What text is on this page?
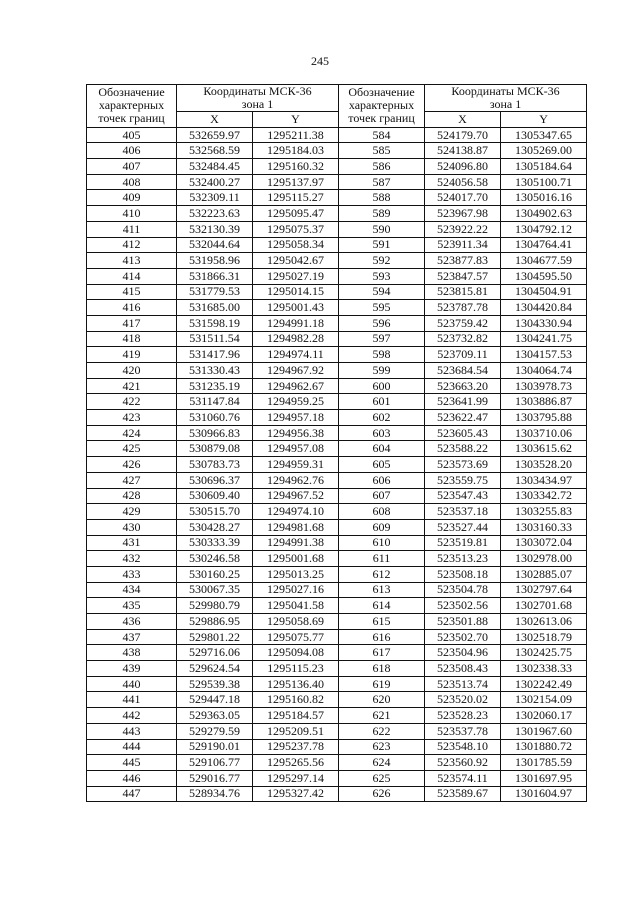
245
Обозначение
характерных
точек границ	Координаты МСК-36
зона 1		Обозначение
характерных
точек границ	Координаты МСК-36
зона 1	
	X	Y		X	Y
405	532659.97	1295211.38	584	524179.70	1305347.65
406	532568.59	1295184.03	585	524138.87	1305269.00
407	532484.45	1295160.32	586	524096.80	1305184.64
408	532400.27	1295137.97	587	524056.58	1305100.71
409	532309.11	1295115.27	588	524017.70	1305016.16
410	532223.63	1295095.47	589	523967.98	1304902.63
411	532130.39	1295075.37	590	523922.22	1304792.12
412	532044.64	1295058.34	591	523911.34	1304764.41
413	531958.96	1295042.67	592	523877.83	1304677.59
414	531866.31	1295027.19	593	523847.57	1304595.50
415	531779.53	1295014.15	594	523815.81	1304504.91
416	531685.00	1295001.43	595	523787.78	1304420.84
417	531598.19	1294991.18	596	523759.42	1304330.94
418	531511.54	1294982.28	597	523732.82	1304241.75
419	531417.96	1294974.11	598	523709.11	1304157.53
420	531330.43	1294967.92	599	523684.54	1304064.74
421	531235.19	1294962.67	600	523663.20	1303978.73
422	531147.84	1294959.25	601	523641.99	1303886.87
423	531060.76	1294957.18	602	523622.47	1303795.88
424	530966.83	1294956.38	603	523605.43	1303710.06
425	530879.08	1294957.08	604	523588.22	1303615.62
426	530783.73	1294959.31	605	523573.69	1303528.20
427	530696.37	1294962.76	606	523559.75	1303434.97
428	530609.40	1294967.52	607	523547.43	1303342.72
429	530515.70	1294974.10	608	523537.18	1303255.83
430	530428.27	1294981.68	609	523527.44	1303160.33
431	530333.39	1294991.38	610	523519.81	1303072.04
432	530246.58	1295001.68	611	523513.23	1302978.00
433	530160.25	1295013.25	612	523508.18	1302885.07
434	530067.35	1295027.16	613	523504.78	1302797.64
435	529980.79	1295041.58	614	523502.56	1302701.68
436	529886.95	1295058.69	615	523501.88	1302613.06
437	529801.22	1295075.77	616	523502.70	1302518.79
438	529716.06	1295094.08	617	523504.96	1302425.75
439	529624.54	1295115.23	618	523508.43	1302338.33
440	529539.38	1295136.40	619	523513.74	1302242.49
441	529447.18	1295160.82	620	523520.02	1302154.09
442	529363.05	1295184.57	621	523528.23	1302060.17
443	529279.59	1295209.51	622	523537.78	1301967.60
444	529190.01	1295237.78	623	523548.10	1301880.72
445	529106.77	1295265.56	624	523560.92	1301785.59
446	529016.77	1295297.14	625	523574.11	1301697.95
447	528934.76	1295327.42	626	523589.67	1301604.97
